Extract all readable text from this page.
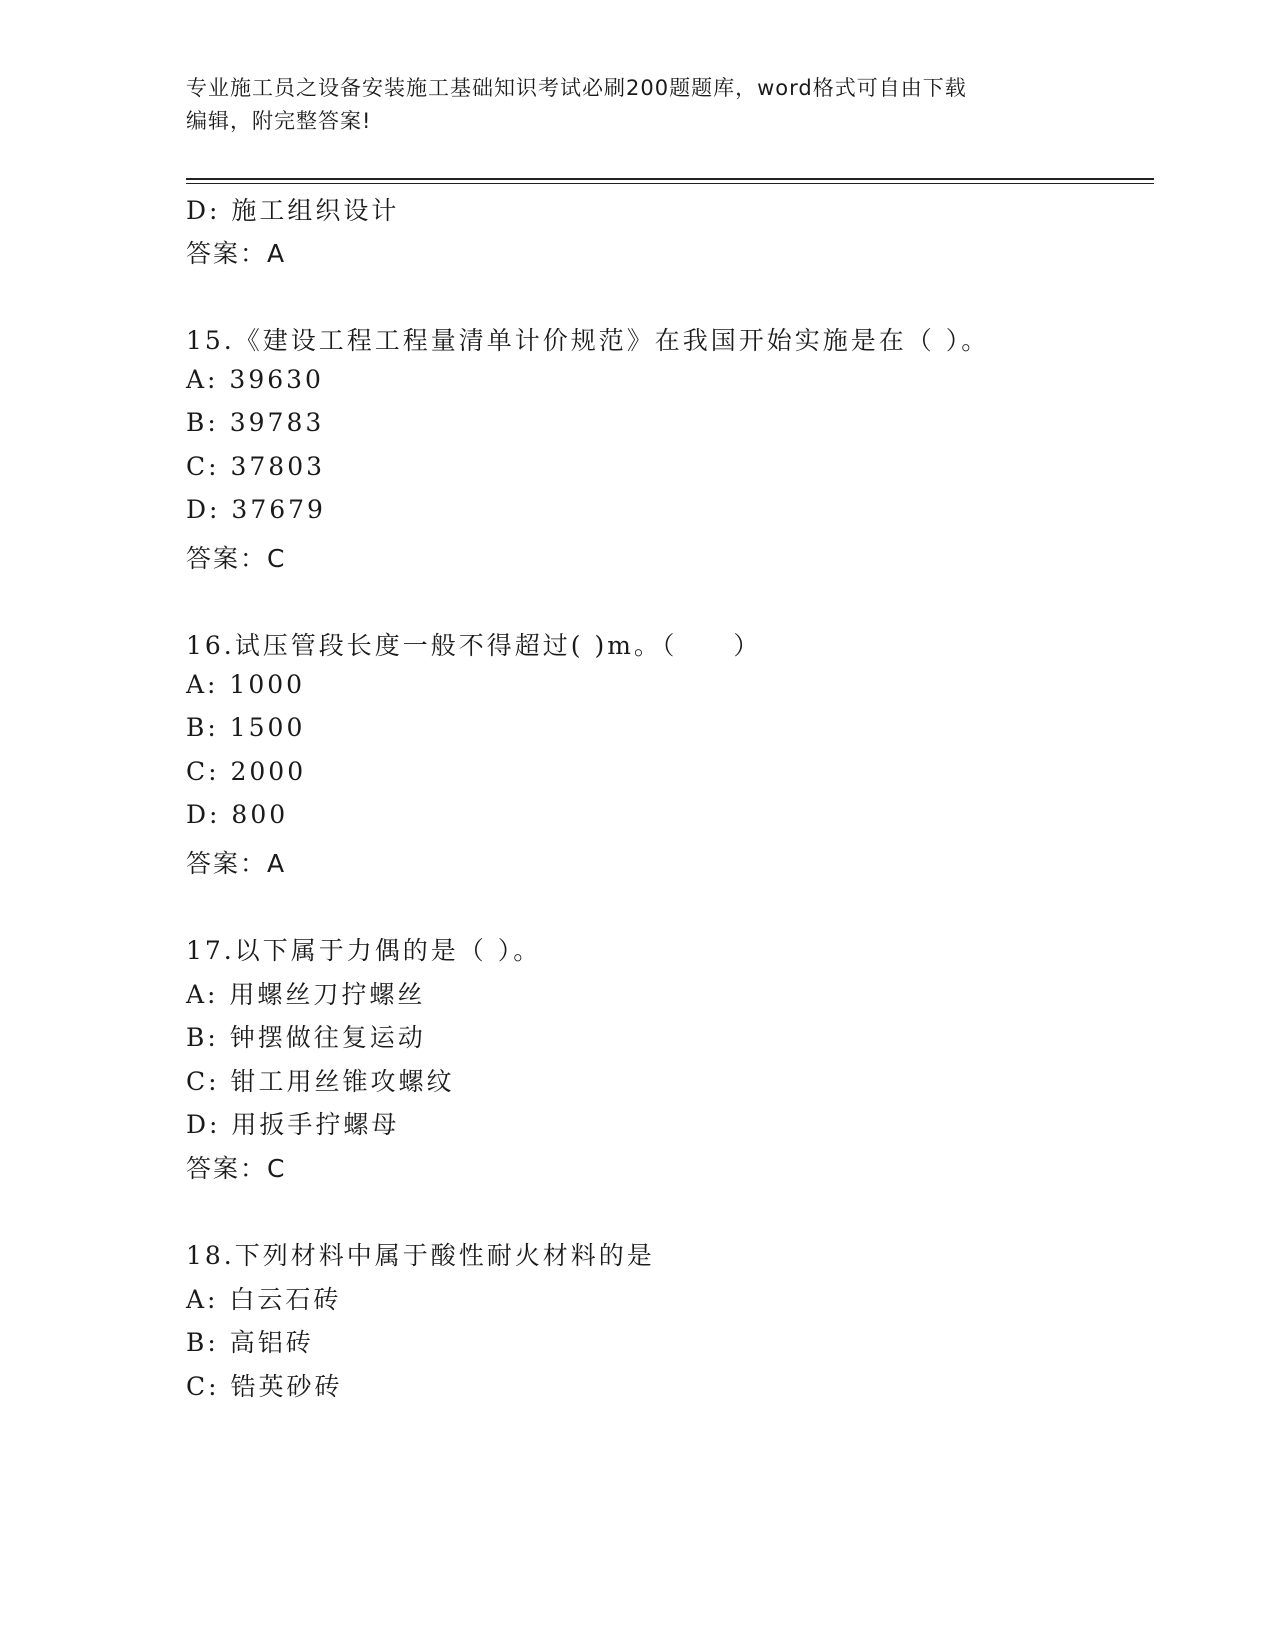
专业施工员之设备安装施工基础知识考试必刷200题题库，word格式可自由下载
编辑，附完整答案!
D: 施工组织设计
答案：A
15.《建设工程工程量清单计价规范》在我国开始实施是在（ ）。
A: 39630
B: 39783
C: 37803
D: 37679
答案：C
16.试压管段长度一般不得超过( )m。（　　）
A: 1000
B: 1500
C: 2000
D: 800
答案：A
17.以下属于力偶的是（ ）。
A: 用螺丝刀拧螺丝
B: 钟摆做往复运动
C: 钳工用丝锥攻螺纹
D: 用扳手拧螺母
答案：C
18.下列材料中属于酸性耐火材料的是
A: 白云石砖
B: 高铝砖
C: 锆英砂砖
